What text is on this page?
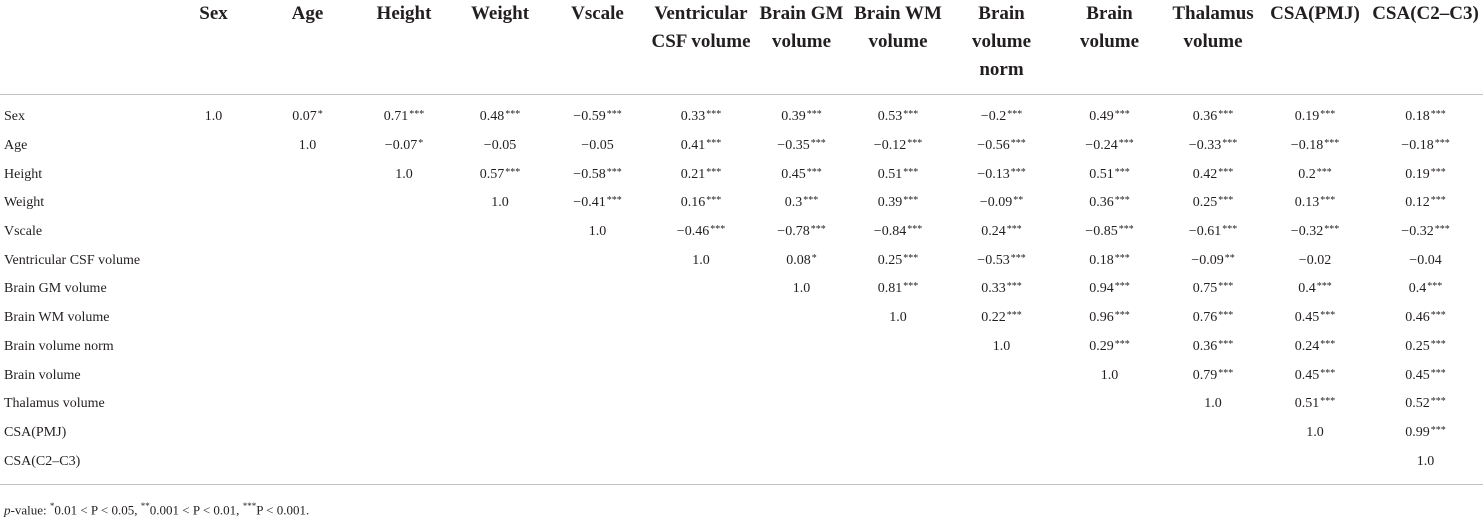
	Sex	Age	Height	Weight	Vscale	Ventricular CSF volume	Brain GM volume	Brain WM volume	Brain volume norm	Brain volume	Thalamus volume	CSA(PMJ)	CSA(C2–C3)
Sex	1.0	0.07*	0.71***	0.48***	−0.59***	0.33***	0.39***	0.53***	−0.2***	0.49***	0.36***	0.19***	0.18***
Age		1.0	−0.07*	−0.05	−0.05	0.41***	−0.35***	−0.12***	−0.56***	−0.24***	−0.33***	−0.18***	−0.18***
Height			1.0	0.57***	−0.58***	0.21***	0.45***	0.51***	−0.13***	0.51***	0.42***	0.2***	0.19***
Weight				1.0	−0.41***	0.16***	0.3***	0.39***	−0.09**	0.36***	0.25***	0.13***	0.12***
Vscale					1.0	−0.46***	−0.78***	−0.84***	0.24***	−0.85***	−0.61***	−0.32***	−0.32***
Ventricular CSF volume						1.0	0.08*	0.25***	−0.53***	0.18***	−0.09**	−0.02	−0.04
Brain GM volume							1.0	0.81***	0.33***	0.94***	0.75***	0.4***	0.4***
Brain WM volume								1.0	0.22***	0.96***	0.76***	0.45***	0.46***
Brain volume norm									1.0	0.29***	0.36***	0.24***	0.25***
Brain volume										1.0	0.79***	0.45***	0.45***
Thalamus volume											1.0	0.51***	0.52***
CSA(PMJ)												1.0	0.99***
CSA(C2–C3)													1.0
p-value: *0.01 < P < 0.05, **0.001 < P < 0.01, ***P < 0.001.
